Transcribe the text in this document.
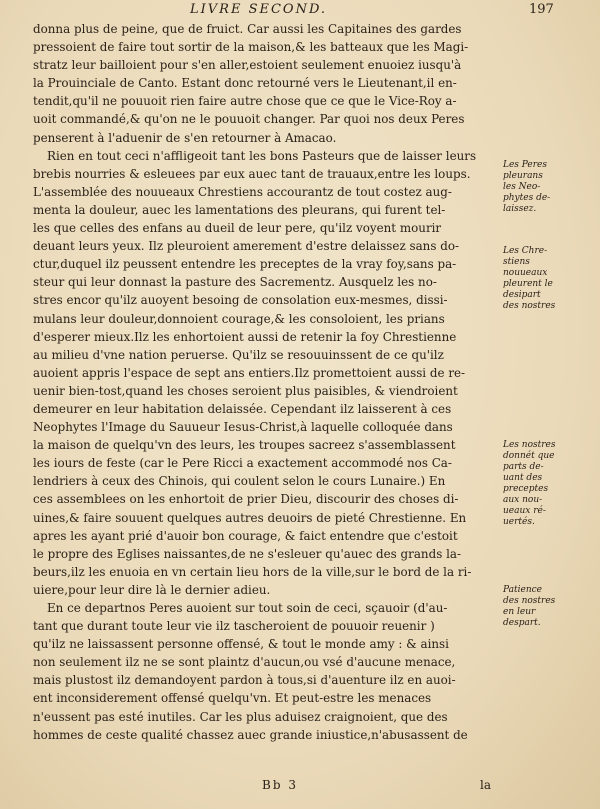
LIVRE SECOND.	197
donna plus de peine, que de fruict. Car aussi les Capitaines des gardes
pressoient de faire tout sortir de la maison,& les batteaux que les Magi-
stratz leur bailloient pour s'en aller,estoient seulement enuoiez iusqu'à
la Prouinciale de Canto. Estant donc retourné vers le Lieutenant,il en-
tendit,qu'il ne pouuoit rien faire autre chose que ce que le Vice-Roy a-
uoit commandé,& qu'on ne le pouuoit changer. Par quoi nos deux Peres
penserent à l'aduenir de s'en retourner à Amacao.
Rien en tout ceci n'affligeoit tant les bons Pasteurs que de laisser leurs
brebis nourries & esleuees par eux auec tant de trauaux,entre les loups.
L'assemblée des nouueaux Chrestiens accourantz de tout costez aug-
menta la douleur, auec les lamentations des pleurans, qui furent tel-
les que celles des enfans au dueil de leur pere, qu'ilz voyent mourir
deuant leurs yeux. Ilz pleuroient amerement d'estre delaissez sans do-
ctur,duquel ilz peussent entendre les preceptes de la vray foy,sans pa-
steur qui leur donnast la pasture des Sacrementz. Ausquelz les no-
stres encor qu'ilz auoyent besoing de consolation eux-mesmes, dissi-
mulans leur douleur,donnoient courage,& les consoloient, les prians
d'esperer mieux.Ilz les enhortoient aussi de retenir la foy Chrestienne
au milieu d'vne nation peruerse. Qu'ilz se resouuinssent de ce qu'ilz
auoient appris l'espace de sept ans entiers.Ilz promettoient aussi de re-
uenir bien-tost,quand les choses seroient plus paisibles, & viendroient
demeurer en leur habitation delaissée. Cependant ilz laisserent à ces
Neophytes l'Image du Sauueur Iesus-Christ,à laquelle colloquée dans
la maison de quelqu'vn des leurs, les troupes sacreez s'assemblassent
les iours de feste (car le Pere Ricci a exactement accommodé nos Ca-
lendriers à ceux des Chinois, qui coulent selon le cours Lunaire.) En
ces assemblees on les enhortoit de prier Dieu, discourir des choses di-
uines,& faire souuent quelques autres deuoirs de pieté Chrestienne. En
apres les ayant prié d'auoir bon courage, & faict entendre que c'estoit
le propre des Eglises naissantes,de ne s'esleuer qu'auec des grands la-
beurs,ilz les enuoia en vn certain lieu hors de la ville,sur le bord de la ri-
uiere,pour leur dire là le dernier adieu.
En ce departnos Peres auoient sur tout soin de ceci, sçauoir (d'au-
tant que durant toute leur vie ilz tascheroient de pouuoir reuenir )
qu'ilz ne laissassent personne offensé, & tout le monde amy : & ainsi
non seulement ilz ne se sont plaintz d'aucun,ou vsé d'aucune menace,
mais plustost ilz demandoyent pardon à tous,si d'auenture ilz en auoi-
ent inconsiderement offensé quelqu'vn. Et peut-estre les menaces
n'eussent pas esté inutiles. Car les plus aduisez craignoient, que des
hommes de ceste qualité chassez auec grande iniustice,n'abusassent de
Les Peres
pleurans
les Neo-
phytes de-
laissez.
Les Chre-
stiens
nouueaux
pleurent le
desipart
des nostres
Les nostres
donnét que
parts de-
uant des
preceptes
aux nou-
ueaux ré-
uertés.
Patience
des nostres
en leur
despart.
Bb 3	la
